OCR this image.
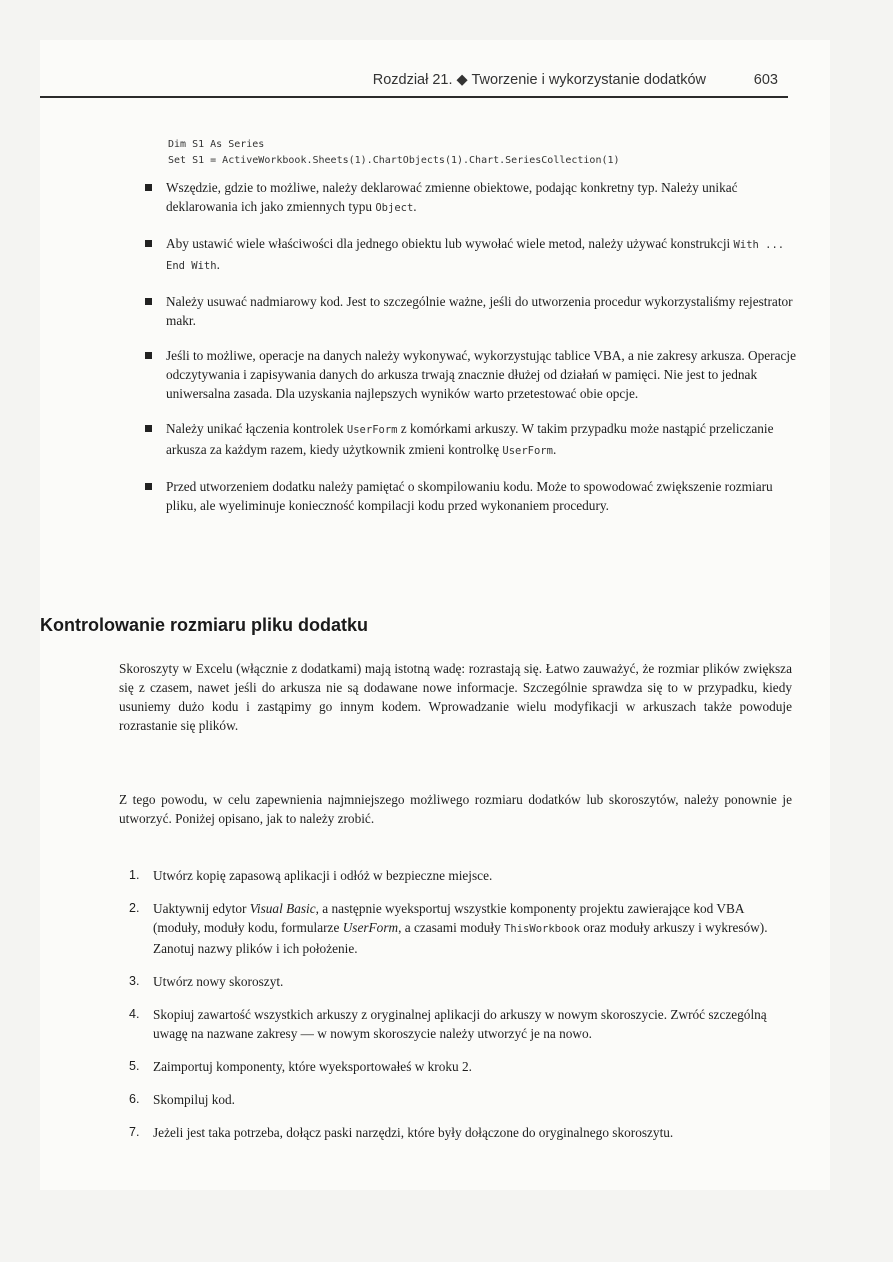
Rozdział 21. ◆ Tworzenie i wykorzystanie dodatków	603
Dim S1 As Series
Set S1 = ActiveWorkbook.Sheets(1).ChartObjects(1).Chart.SeriesCollection(1)
Wszędzie, gdzie to możliwe, należy deklarować zmienne obiektowe, podając konkretny typ. Należy unikać deklarowania ich jako zmiennych typu Object.
Aby ustawić wiele właściwości dla jednego obiektu lub wywołać wiele metod, należy używać konstrukcji With ... End With.
Należy usuwać nadmiarowy kod. Jest to szczególnie ważne, jeśli do utworzenia procedur wykorzystaliśmy rejestrator makr.
Jeśli to możliwe, operacje na danych należy wykonywać, wykorzystując tablice VBA, a nie zakresy arkusza. Operacje odczytywania i zapisywania danych do arkusza trwają znacznie dłużej od działań w pamięci. Nie jest to jednak uniwersalna zasada. Dla uzyskania najlepszych wyników warto przetestować obie opcje.
Należy unikać łączenia kontrolek UserForm z komórkami arkuszy. W takim przypadku może nastąpić przeliczanie arkusza za każdym razem, kiedy użytkownik zmieni kontrolkę UserForm.
Przed utworzeniem dodatku należy pamiętać o skompilowaniu kodu. Może to spowodować zwiększenie rozmiaru pliku, ale wyeliminuje konieczność kompilacji kodu przed wykonaniem procedury.
Kontrolowanie rozmiaru pliku dodatku

Skoroszyty w Excelu (włącznie z dodatkami) mają istotną wadę: rozrastają się. Łatwo zauważyć, że rozmiar plików zwiększa się z czasem, nawet jeśli do arkusza nie są dodawane nowe informacje. Szczególnie sprawdza się to w przypadku, kiedy usuniemy dużo kodu i zastąpimy go innym kodem. Wprowadzanie wielu modyfikacji w arkuszach także powoduje rozrastanie się plików.

Z tego powodu, w celu zapewnienia najmniejszego możliwego rozmiaru dodatków lub skoroszytów, należy ponownie je utworzyć. Poniżej opisano, jak to należy zrobić.

1. Utwórz kopię zapasową aplikacji i odłóż w bezpieczne miejsce.
2. Uaktywnij edytor Visual Basic, a następnie wyeksportuj wszystkie komponenty projektu zawierające kod VBA (moduły, moduły kodu, formularze UserForm, a czasami moduły ThisWorkbook oraz moduły arkuszy i wykresów). Zanotuj nazwy plików i ich położenie.
3. Utwórz nowy skoroszyt.
4. Skopiuj zawartość wszystkich arkuszy z oryginalnej aplikacji do arkuszy w nowym skoroszycie. Zwróć szczególną uwagę na nazwane zakresy — w nowym skoroszycie należy utworzyć je na nowo.
5. Zaimportuj komponenty, które wyeksportowałeś w kroku 2.
6. Skompiluj kod.
7. Jeżeli jest taka potrzeba, dołącz paski narzędzi, które były dołączone do oryginalnego skoroszytu.
